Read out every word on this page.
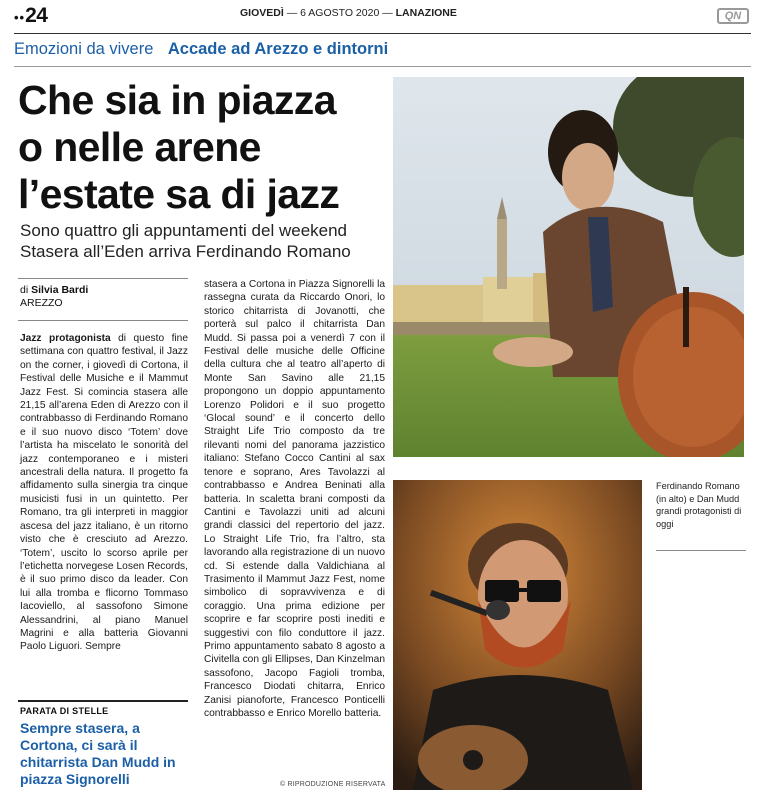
••24	GIOVEDÌ — 6 AGOSTO 2020 — LANAZIONE	QN
Emozioni da vivere Accade ad Arezzo e dintorni
Che sia in piazza
o nelle arene
l’estate sa di jazz
Sono quattro gli appuntamenti del weekend
Stasera all’Eden arriva Ferdinando Romano
di Silvia Bardi
AREZZO
Jazz protagonista di questo fine settimana con quattro festival, il Jazz on the corner, i giovedì di Cortona, il Festival delle Musiche e il Mammut Jazz Fest. Si comincia stasera alle 21,15 all’arena Eden di Arezzo con il contrabbasso di Ferdinando Romano e il suo nuovo disco ‘Totem’ dove l’artista ha miscelato le sonorità del jazz contemporaneo e i misteri ancestrali della natura. Il progetto fa affidamento sulla sinergia tra cinque musicisti fusi in un quintetto. Per Romano, tra gli interpreti in maggior ascesa del jazz italiano, è un ritorno visto che è cresciuto ad Arezzo. ‘Totem’, uscito lo scorso aprile per l’etichetta norvegese Losen Records, è il suo primo disco da leader. Con lui alla tromba e flicorno Tommaso Iacoviello, al sassofono Simone Alessandrini, al piano Manuel Magrini e alla batteria Giovanni Paolo Liguori. Sempre
stasera a Cortona in Piazza Signorelli la rassegna curata da Riccardo Onori, lo storico chitarrista di Jovanotti, che porterà sul palco il chitarrista Dan Mudd. Si passa poi a venerdì 7 con il Festival delle musiche delle Officine della cultura che al teatro all’aperto di Monte San Savino alle 21,15 propongono un doppio appuntamento Lorenzo Polidori e il suo progetto ‘Glocal sound’ e il concerto dello Straight Life Trio composto da tre rilevanti nomi del panorama jazzistico italiano: Stefano Cocco Cantini al sax tenore e soprano, Ares Tavolazzi al contrabbasso e Andrea Beninati alla batteria. In scaletta brani composti da Cantini e Tavolazzi uniti ad alcuni grandi classici del repertorio del jazz. Lo Straight Life Trio, fra l’altro, sta lavorando alla registrazione di un nuovo cd. Si estende dalla Valdichiana al Trasimento il Mammut Jazz Fest, nome simbolico di sopravvivenza e di coraggio. Una prima edizione per scoprire e far scoprire posti inediti e suggestivi con filo conduttore il jazz. Primo appuntamento sabato 8 agosto a Civitella con gli Ellipses, Dan Kinzelman sassofono, Jacopo Fagioli tromba, Francesco Diodati chitarra, Enrico Zanisi pianoforte, Francesco Ponticelli contrabbasso e Enrico Morello batteria.
© RIPRODUZIONE RISERVATA
PARATA DI STELLE
Sempre stasera, a Cortona, ci sarà il chitarrista Dan Mudd in piazza Signorelli
Ferdinando Romano (in alto) e Dan Mudd grandi protagonisti di oggi
